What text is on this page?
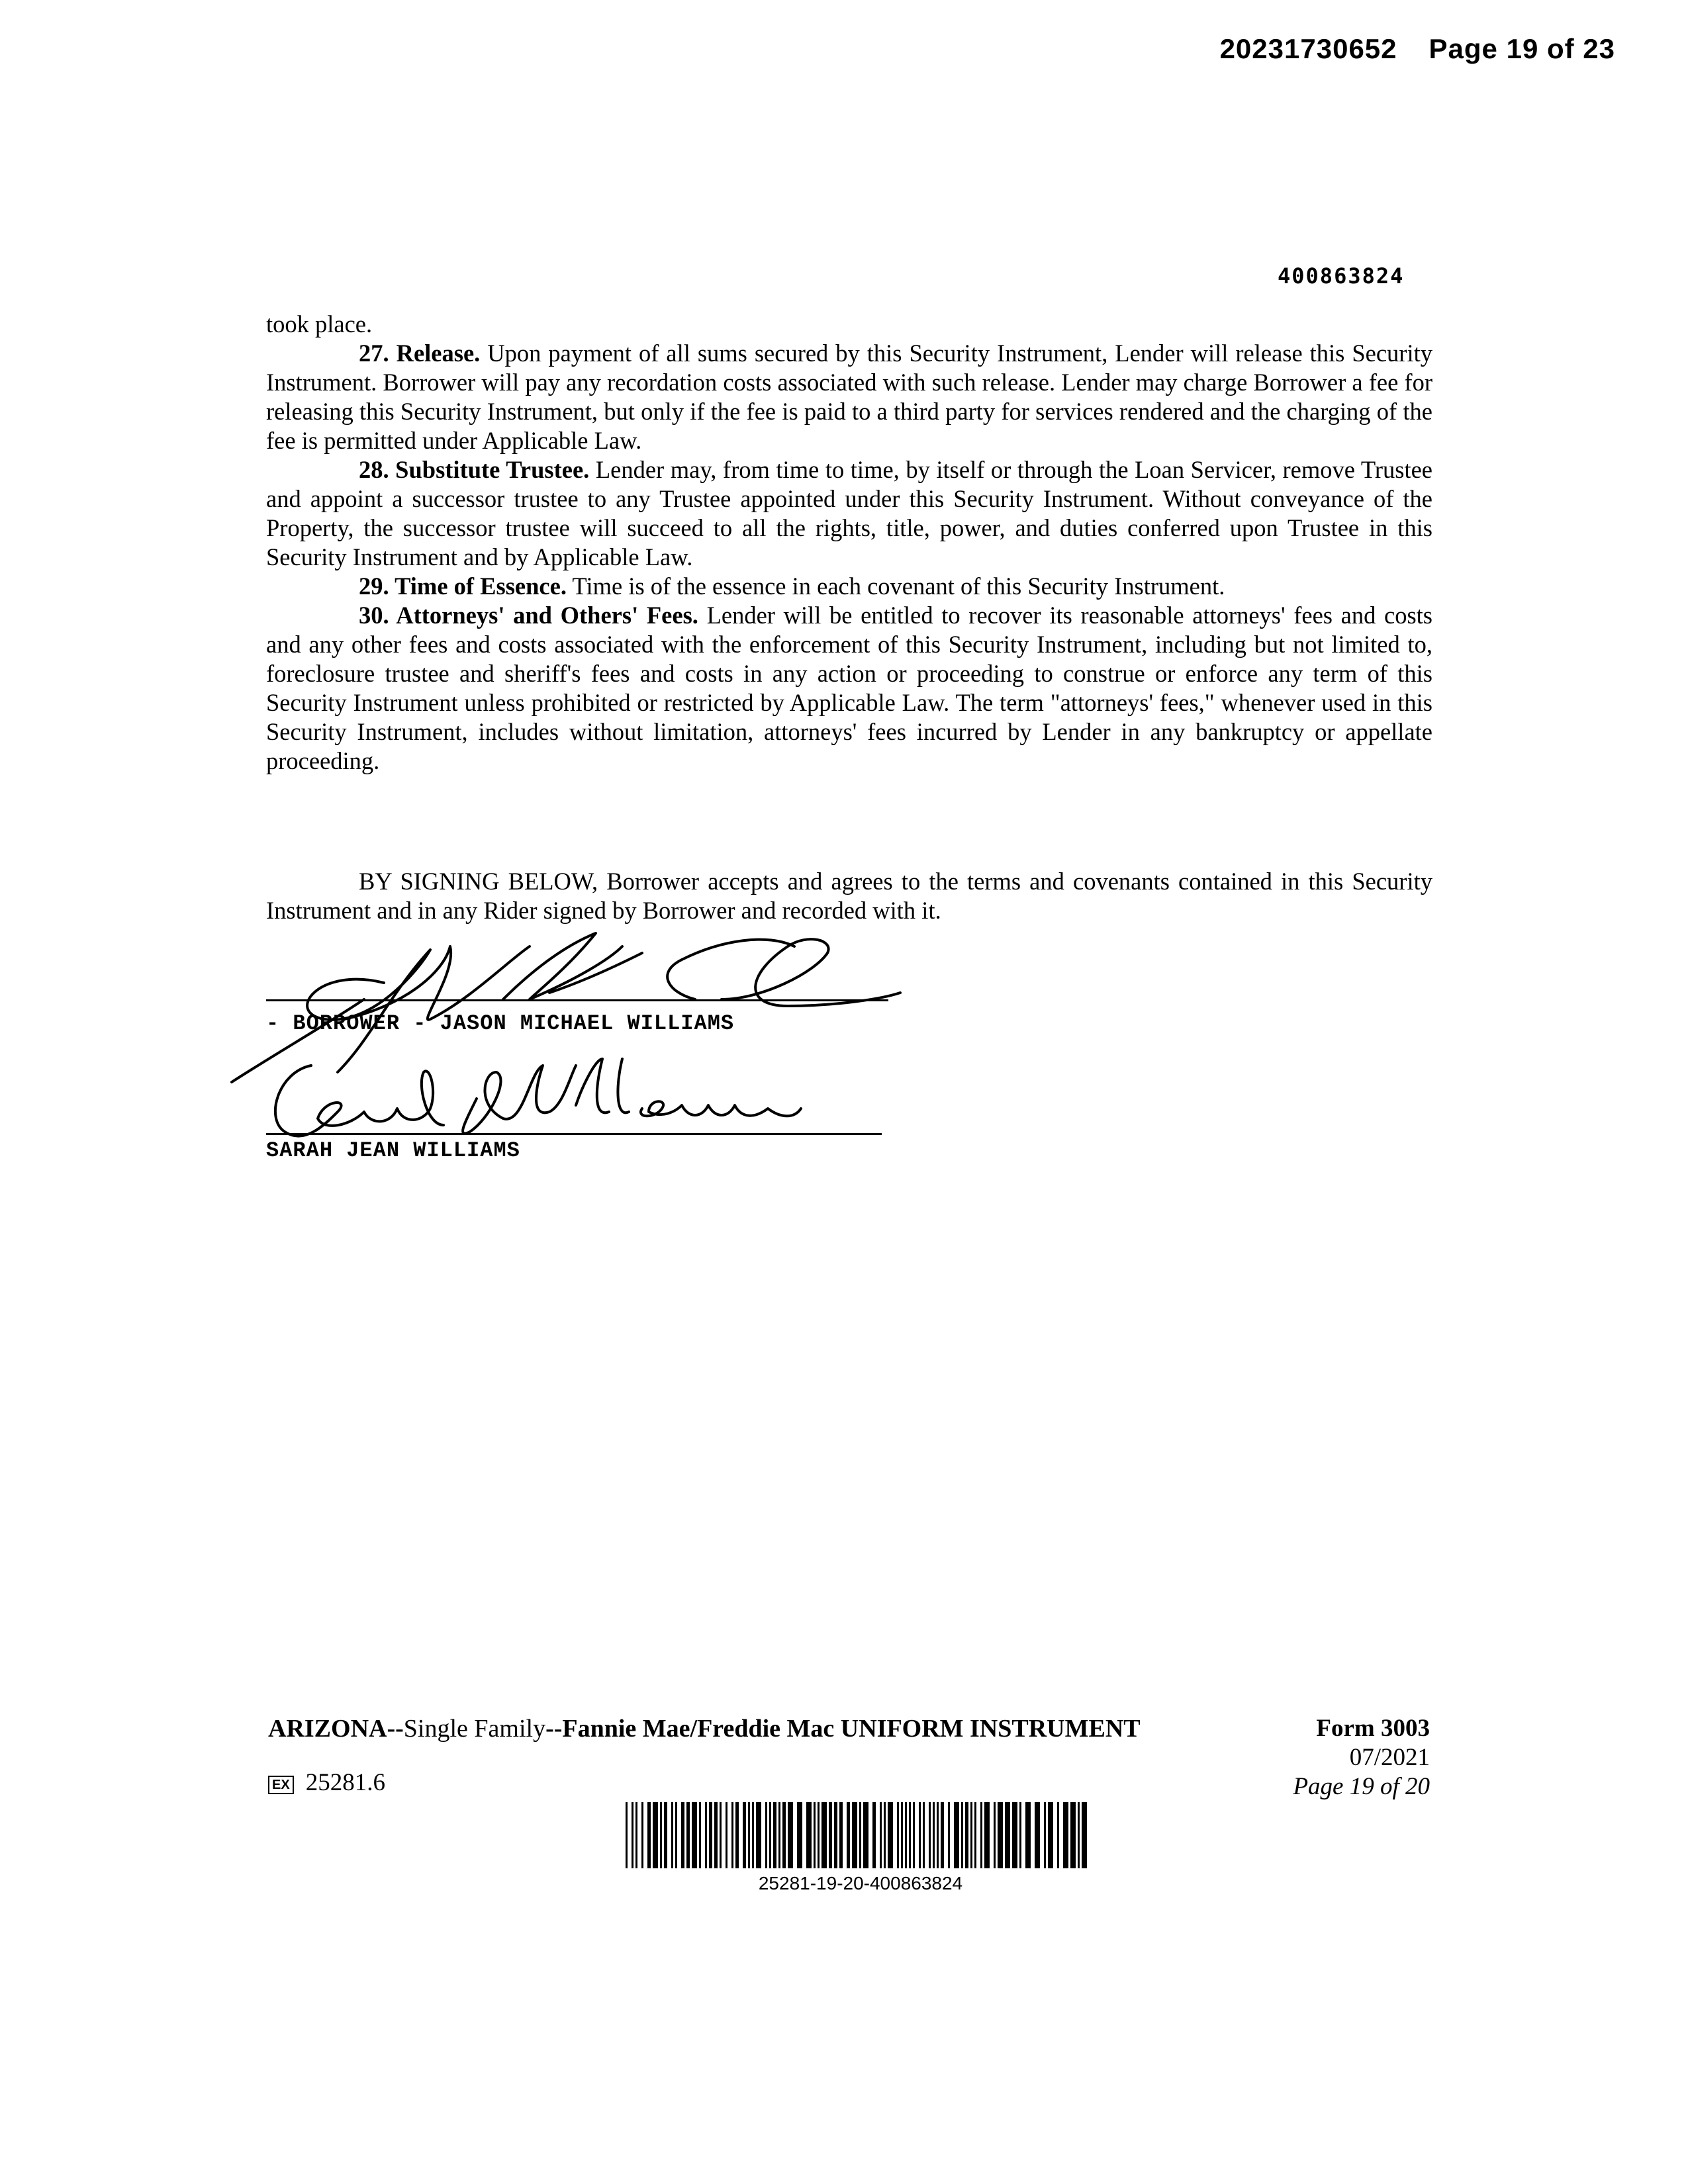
20231730652 Page 19 of 23
400863824

took place.

27. Release. Upon payment of all sums secured by this Security Instrument, Lender will release this Security Instrument. Borrower will pay any recordation costs associated with such release. Lender may charge Borrower a fee for releasing this Security Instrument, but only if the fee is paid to a third party for services rendered and the charging of the fee is permitted under Applicable Law.

28. Substitute Trustee. Lender may, from time to time, by itself or through the Loan Servicer, remove Trustee and appoint a successor trustee to any Trustee appointed under this Security Instrument. Without conveyance of the Property, the successor trustee will succeed to all the rights, title, power, and duties conferred upon Trustee in this Security Instrument and by Applicable Law.

29. Time of Essence. Time is of the essence in each covenant of this Security Instrument.

30. Attorneys' and Others' Fees. Lender will be entitled to recover its reasonable attorneys' fees and costs and any other fees and costs associated with the enforcement of this Security Instrument, including but not limited to, foreclosure trustee and sheriff's fees and costs in any action or proceeding to construe or enforce any term of this Security Instrument unless prohibited or restricted by Applicable Law. The term "attorneys' fees," whenever used in this Security Instrument, includes without limitation, attorneys' fees incurred by Lender in any bankruptcy or appellate proceeding.

BY SIGNING BELOW, Borrower accepts and agrees to the terms and covenants contained in this Security Instrument and in any Rider signed by Borrower and recorded with it.

- BORROWER - JASON MICHAEL WILLIAMS
SARAH JEAN WILLIAMS
ARIZONA--Single Family--Fannie Mae/Freddie Mac UNIFORM INSTRUMENT	Form 3003
07/2021
Page 19 of 20
EX 25281.6
25281-19-20-400863824
